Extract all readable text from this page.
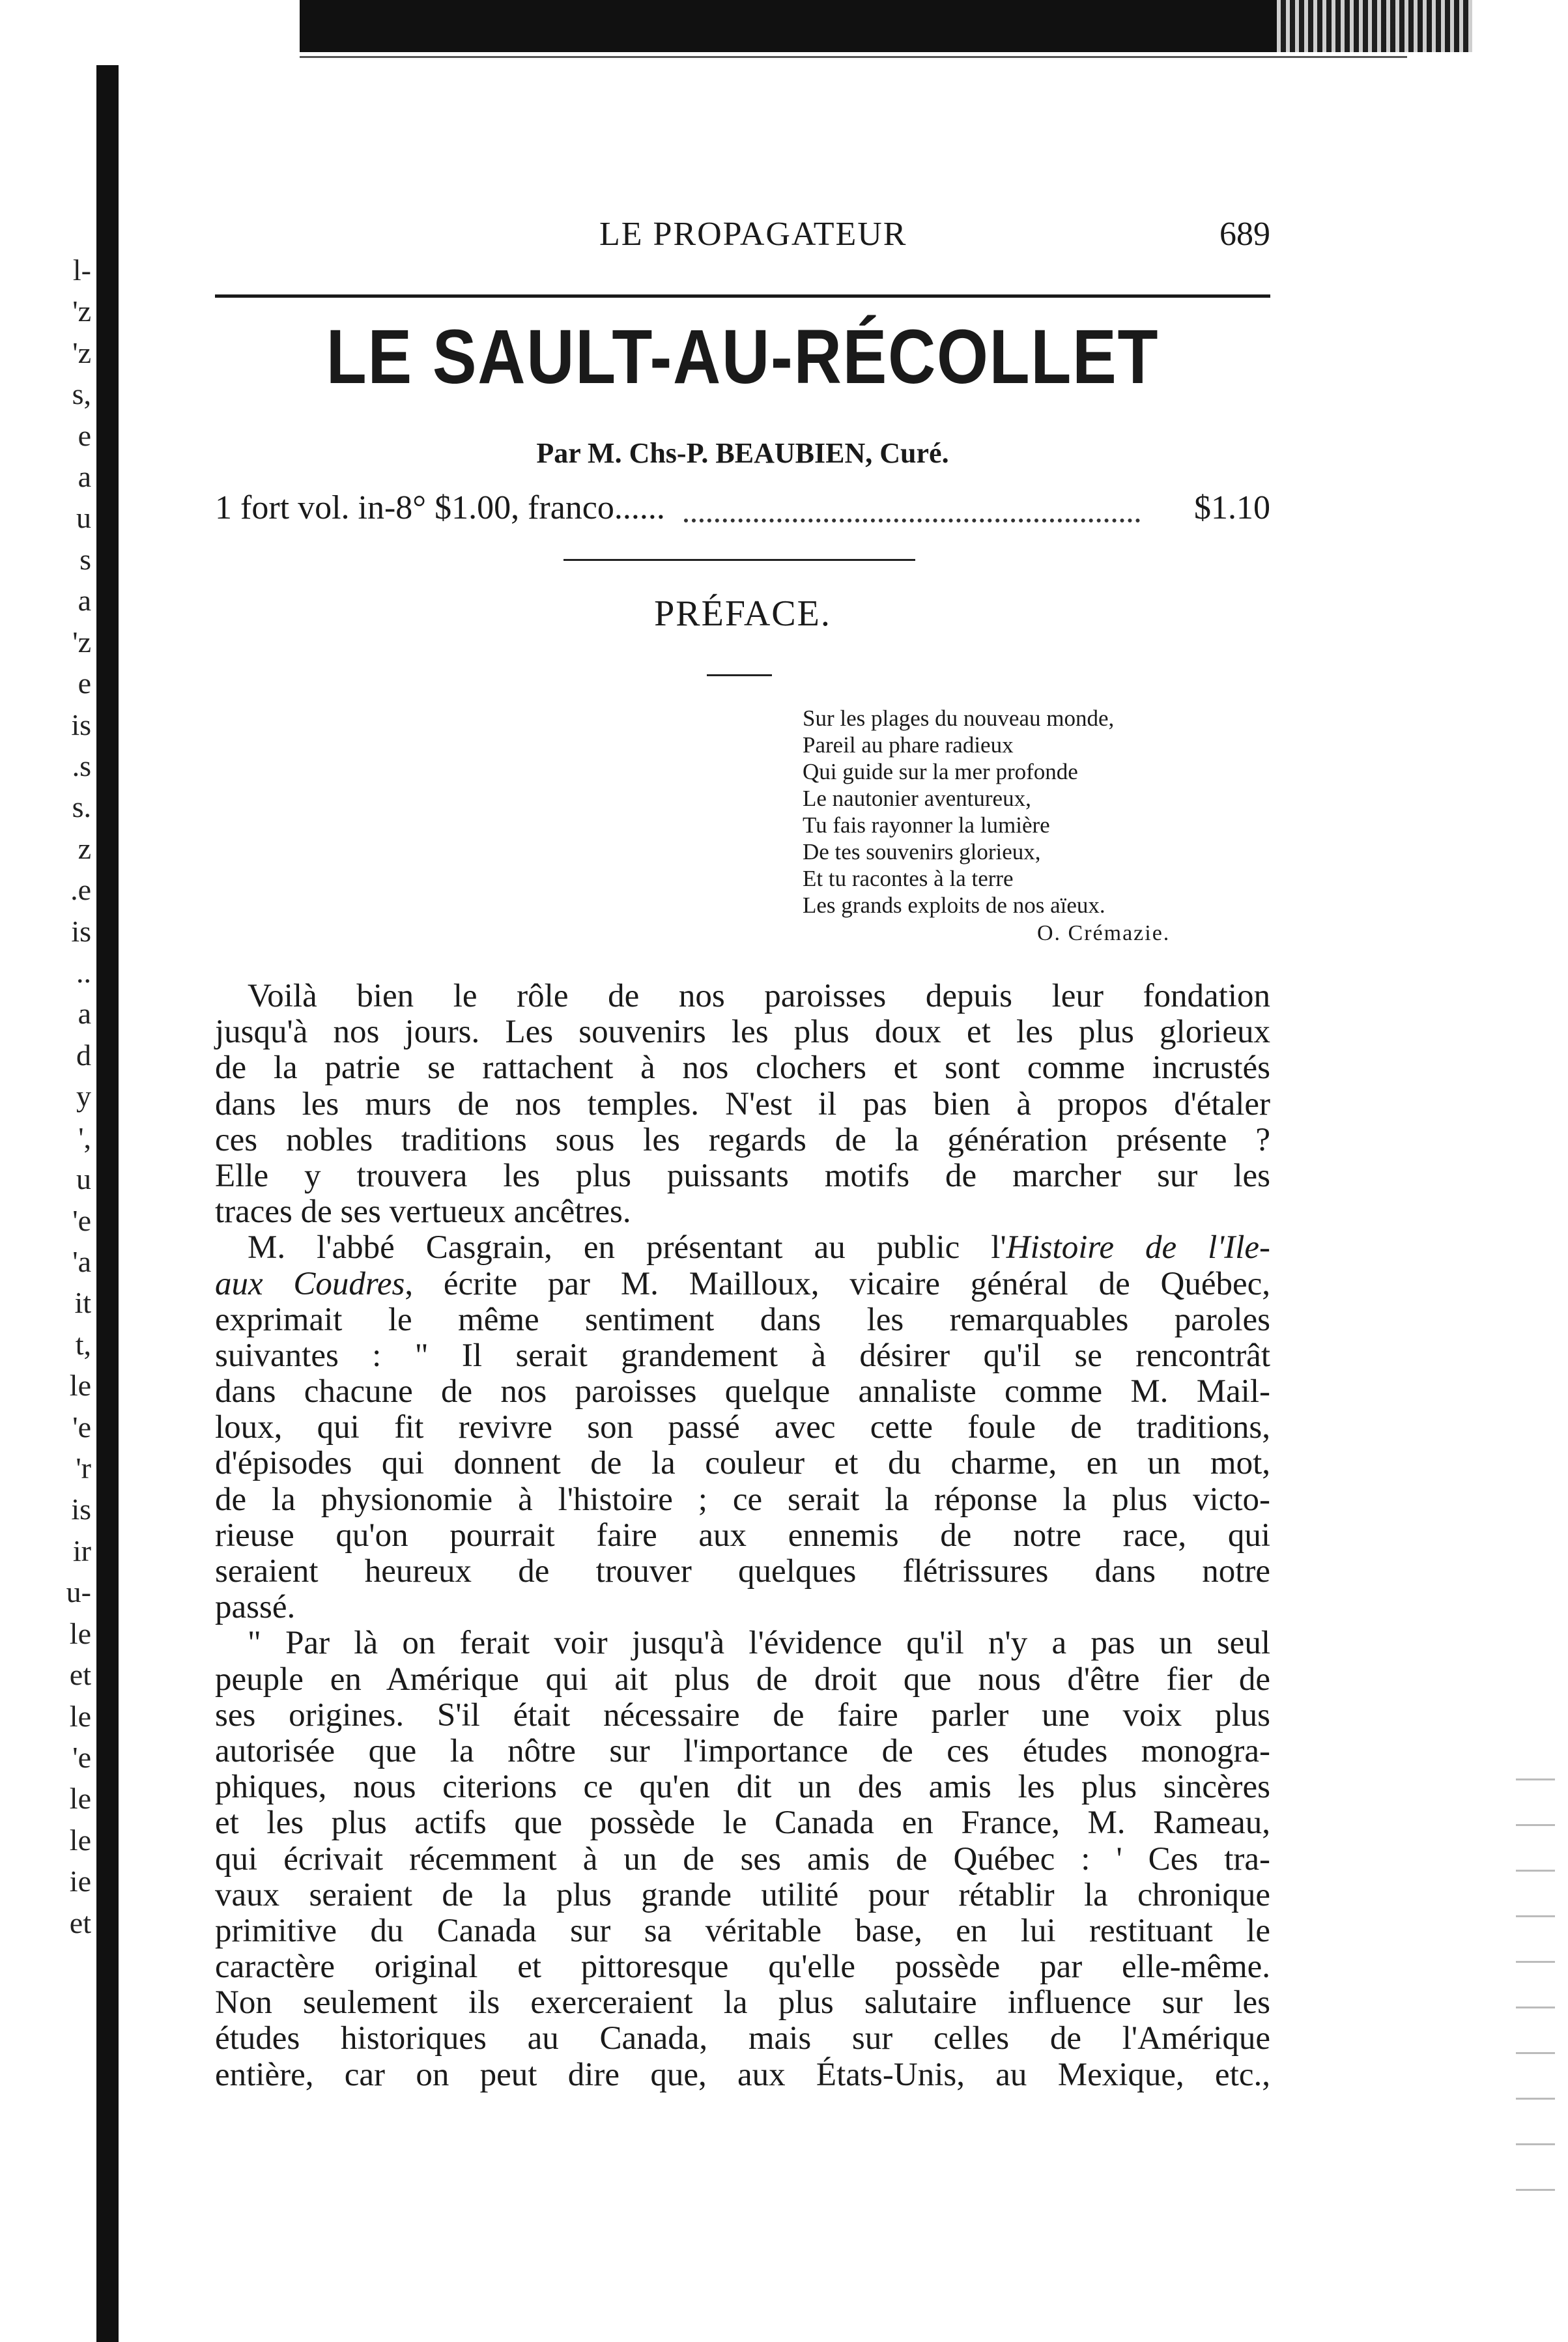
l-
'z
'z
s,
e
a
u
s
a
'z
e
is
.s
s.
z
.e
is
..
a
d
y
',
u
'e
'a
it
t,
le
'e
'r
is
ir
u-
le
et
le
'e
le
le
ie
et
LE PROPAGATEUR	689
LE SAULT-AU-RÉCOLLET
Par M. Chs-P. BEAUBIEN, Curé.
1 fort vol. in-8° $1.00, franco......	$1.10
PRÉFACE.
Sur les plages du nouveau monde,
Pareil au phare radieux
Qui guide sur la mer profonde
Le nautonier aventureux,
Tu fais rayonner la lumière
De tes souvenirs glorieux,
Et tu racontes à la terre
Les grands exploits de nos aïeux.
O. Crémazie.
Voilà bien le rôle de nos paroisses depuis leur fondation
jusqu'à nos jours. Les souvenirs les plus doux et les plus glorieux
de la patrie se rattachent à nos clochers et sont comme incrustés
dans les murs de nos temples. N'est il pas bien à propos d'étaler
ces nobles traditions sous les regards de la génération présente ?
Elle y trouvera les plus puissants motifs de marcher sur les
traces de ses vertueux ancêtres.
M. l'abbé Casgrain, en présentant au public l'Histoire de l'Ile-
aux Coudres, écrite par M. Mailloux, vicaire général de Québec,
exprimait le même sentiment dans les remarquables paroles
suivantes : " Il serait grandement à désirer qu'il se rencontrât
dans chacune de nos paroisses quelque annaliste comme M. Mail-
loux, qui fit revivre son passé avec cette foule de traditions,
d'épisodes qui donnent de la couleur et du charme, en un mot,
de la physionomie à l'histoire ; ce serait la réponse la plus victo-
rieuse qu'on pourrait faire aux ennemis de notre race, qui
seraient heureux de trouver quelques flétrissures dans notre
passé.
" Par là on ferait voir jusqu'à l'évidence qu'il n'y a pas un seul
peuple en Amérique qui ait plus de droit que nous d'être fier de
ses origines. S'il était nécessaire de faire parler une voix plus
autorisée que la nôtre sur l'importance de ces études monogra-
phiques, nous citerions ce qu'en dit un des amis les plus sincères
et les plus actifs que possède le Canada en France, M. Rameau,
qui écrivait récemment à un de ses amis de Québec : ' Ces tra-
vaux seraient de la plus grande utilité pour rétablir la chronique
primitive du Canada sur sa véritable base, en lui restituant le
caractère original et pittoresque qu'elle possède par elle-même.
Non seulement ils exerceraient la plus salutaire influence sur les
études historiques au Canada, mais sur celles de l'Amérique
entière, car on peut dire que, aux États-Unis, au Mexique, etc.,
